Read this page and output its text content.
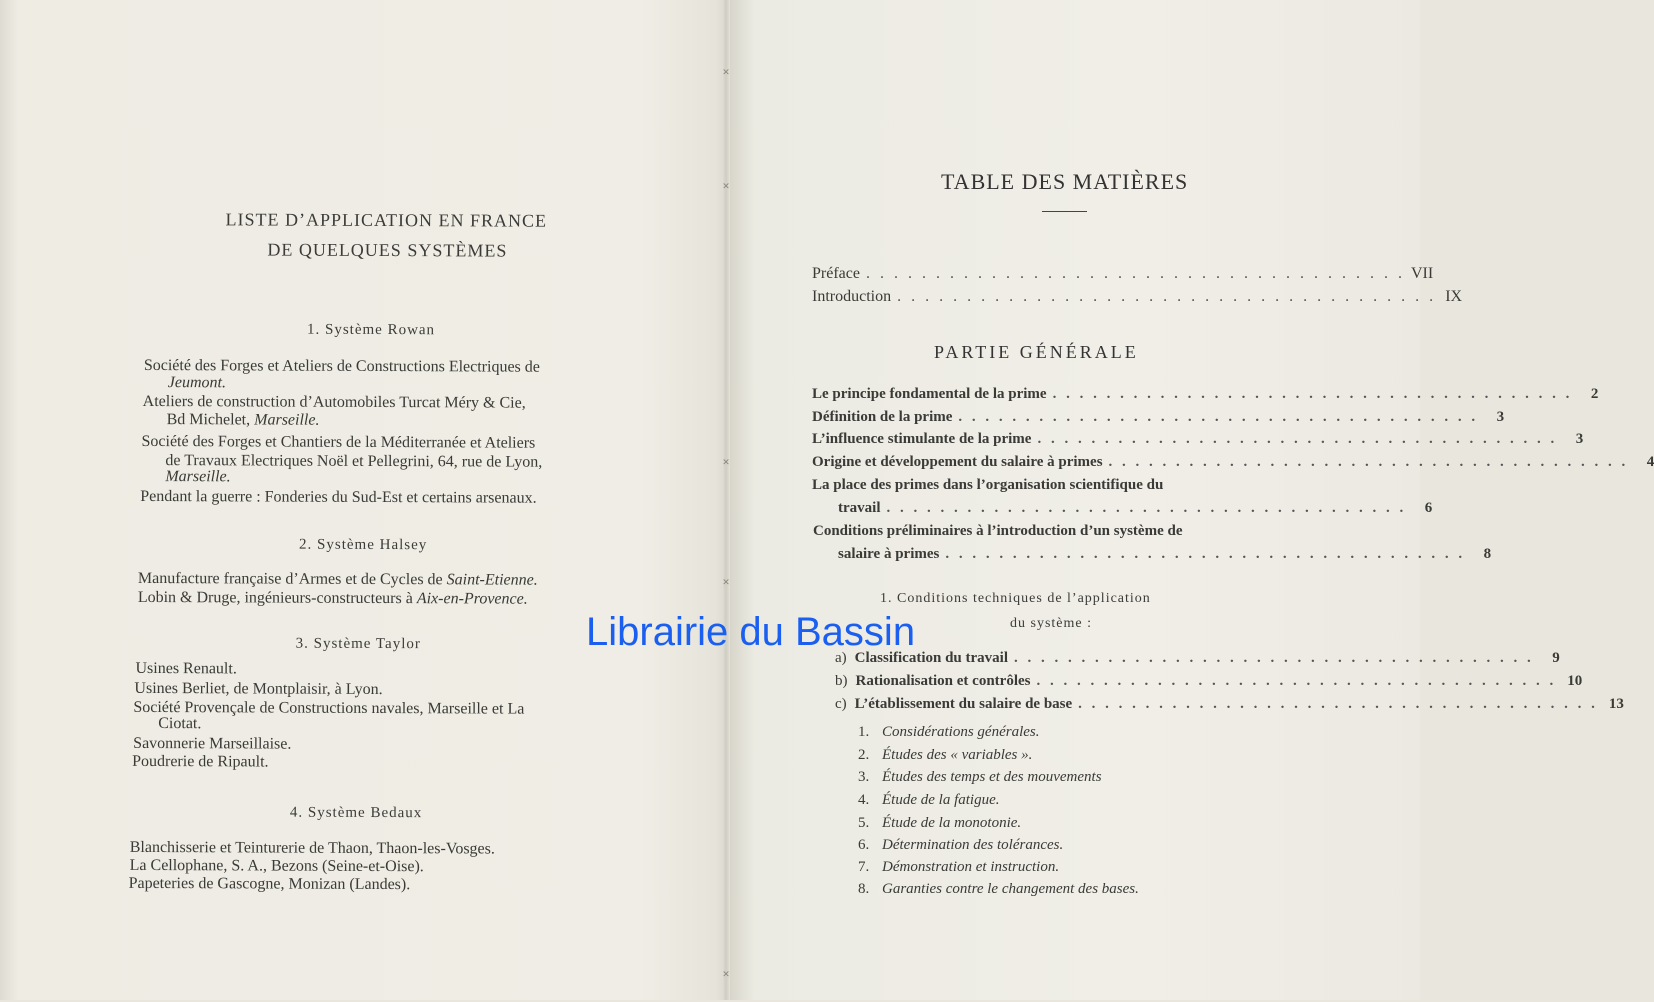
✕
✕
✕
✕
✕
LISTE D’APPLICATION EN FRANCE
DE QUELQUES SYSTÈMES
1. Système Rowan
Société des Forges et Ateliers de Constructions Electriques de
Jeumont.
Ateliers de construction d’Automobiles Turcat Méry & Cie,
Bd Michelet, Marseille.
Société des Forges et Chantiers de la Méditerranée et Ateliers
de Travaux Electriques Noël et Pellegrini, 64, rue de Lyon,
Marseille.
Pendant la guerre : Fonderies du Sud-Est et certains arsenaux.
2. Système Halsey
Manufacture française d’Armes et de Cycles de Saint-Etienne.
Lobin & Druge, ingénieurs-constructeurs à Aix-en-Provence.
3. Système Taylor
Usines Renault.
Usines Berliet, de Montplaisir, à Lyon.
Société Provençale de Constructions navales, Marseille et La
Ciotat.
Savonnerie Marseillaise.
Poudrerie de Ripault.
4. Système Bedaux
Blanchisserie et Teinturerie de Thaon, Thaon-les-Vosges.
La Cellophane, S. A., Bezons (Seine-et-Oise).
Papeteries de Gascogne, Monizan (Landes).
TABLE DES MATIÈRES
Préface . . . . . . . . . . . . . . . . . . . . . . . . . . . . . . . . . . . . . . . VII
Introduction . . . . . . . . . . . . . . . . . . . . . . . . . . . . . . . . . . . . . . . IX
PARTIE GÉNÉRALE
Le principe fondamental de la prime . . . . . . . . . . . . . . . . . . . . . . . . . . . . . . . . . . . . . . .	2
Définition de la prime . . . . . . . . . . . . . . . . . . . . . . . . . . . . . . . . . . . . . . .	3
L’influence stimulante de la prime . . . . . . . . . . . . . . . . . . . . . . . . . . . . . . . . . . . . . . .	3
Origine et développement du salaire à primes . . . . . . . . . . . . . . . . . . . . . . . . . . . . . . . . . . . . . . .	4
La place des primes dans l’organisation scientifique du
travail . . . . . . . . . . . . . . . . . . . . . . . . . . . . . . . . . . . . . . .	6
Conditions préliminaires à l’introduction d’un système de
salaire à primes . . . . . . . . . . . . . . . . . . . . . . . . . . . . . . . . . . . . . . .	8
1. Conditions techniques de l’application
du système :
a) Classification du travail . . . . . . . . . . . . . . . . . . . . . . . . . . . . . . . . . . . . . . .	9
b) Rationalisation et contrôles . . . . . . . . . . . . . . . . . . . . . . . . . . . . . . . . . . . . . . . 10
c) L’établissement du salaire de base . . . . . . . . . . . . . . . . . . . . . . . . . . . . . . . . . . . . . . . 13
1. Considérations générales.
2. Études des « variables ».
3. Études des temps et des mouvements
4. Étude de la fatigue.
5. Étude de la monotonie.
6. Détermination des tolérances.
7. Démonstration et instruction.
8. Garanties contre le changement des bases.
Librairie du Bassin
